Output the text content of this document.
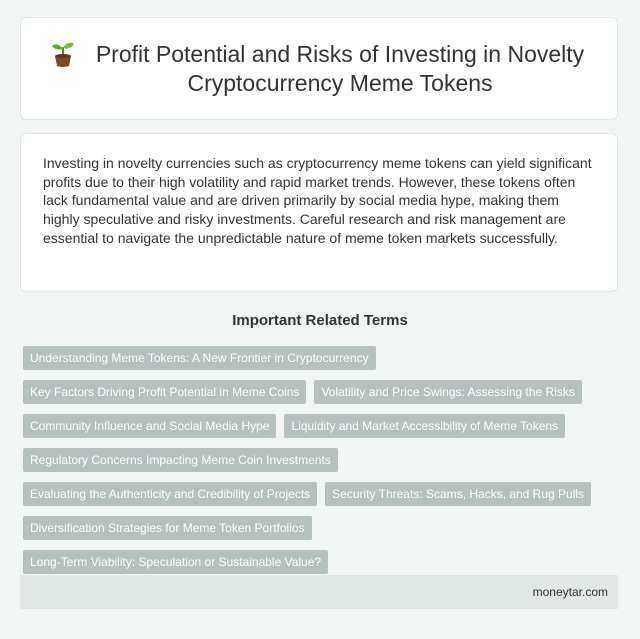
Profit Potential and Risks of Investing in Novelty Cryptocurrency Meme Tokens

Investing in novelty currencies such as cryptocurrency meme tokens can yield significant profits due to their high volatility and rapid market trends. However, these tokens often lack fundamental value and are driven primarily by social media hype, making them highly speculative and risky investments. Careful research and risk management are essential to navigate the unpredictable nature of meme token markets successfully.

Important Related Terms
Understanding Meme Tokens: A New Frontier in Cryptocurrency
Key Factors Driving Profit Potential in Meme Coins	Volatility and Price Swings: Assessing the Risks
Community Influence and Social Media Hype	Liquidity and Market Accessibility of Meme Tokens
Regulatory Concerns Impacting Meme Coin Investments
Evaluating the Authenticity and Credibility of Projects	Security Threats: Scams, Hacks, and Rug Pulls
Diversification Strategies for Meme Token Portfolios
Long-Term Viability: Speculation or Sustainable Value?
moneytar.com
